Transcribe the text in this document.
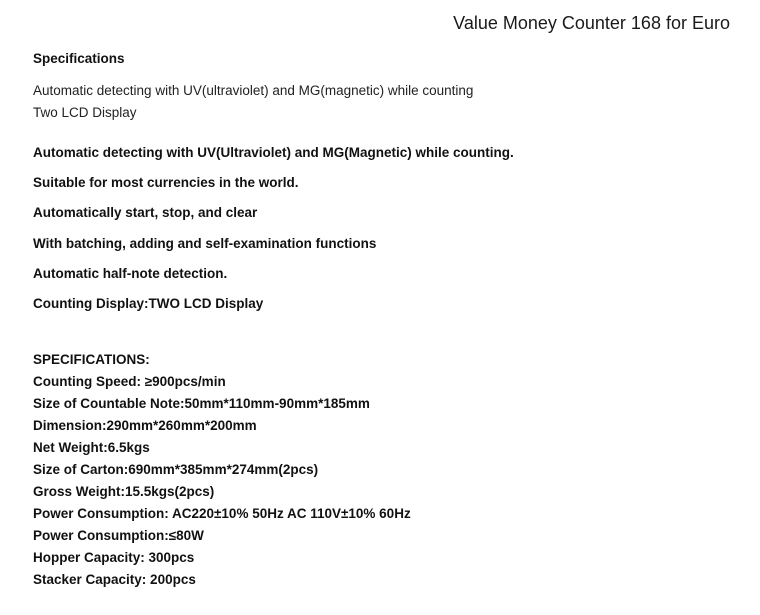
Value Money Counter 168 for Euro
Specifications
Automatic detecting with UV(ultraviolet) and MG(magnetic) while counting
Two LCD Display
Automatic detecting with UV(Ultraviolet) and MG(Magnetic) while counting.
Suitable for most currencies in the world.
Automatically start, stop, and clear
With batching, adding and self-examination functions
Automatic half-note detection.
Counting Display:TWO LCD Display
SPECIFICATIONS:
Counting Speed: ≥900pcs/min
Size of Countable Note:50mm*110mm-90mm*185mm
Dimension:290mm*260mm*200mm
Net Weight:6.5kgs
Size of Carton:690mm*385mm*274mm(2pcs)
Gross Weight:15.5kgs(2pcs)
Power Consumption: AC220±10% 50Hz AC 110V±10% 60Hz
Power Consumption:≤80W
Hopper Capacity: 300pcs
Stacker Capacity: 200pcs
